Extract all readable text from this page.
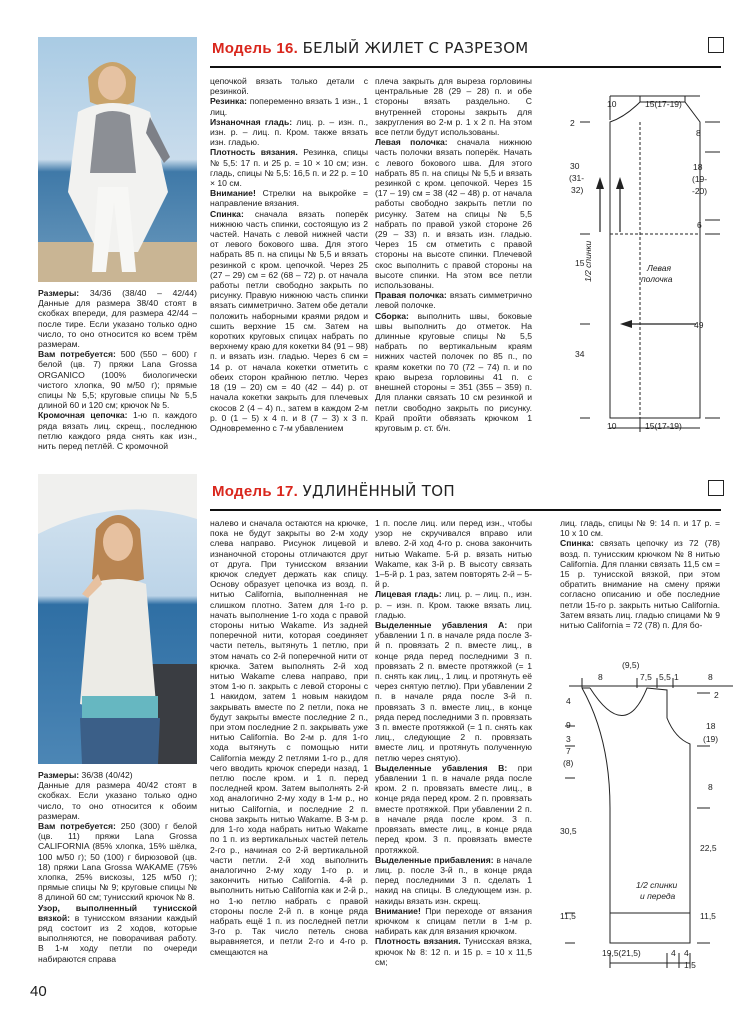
Модель 16. БЕЛЫЙ ЖИЛЕТ С РАЗРЕЗОМ

Размеры: 34/36 (38/40 – 42/44) Данные для размера 38/40 стоят в скобках впереди, для размера 42/44 – после тире. Если указано только одно число, то оно относится ко всем трём размерам.

Вам потребуется: 500 (550 – 600) г белой (цв. 7) пряжи Lana Grossa ORGANICO (100% биологически чистого хлопка, 90 м/50 г); прямые спицы № 5,5; круговые спицы № 5,5 длиной 60 и 120 см; крючок № 5.

Кромочная цепочка: 1-ю п. каждого ряда вязать лиц. скрещ., последнюю петлю каждого ряда снять как изн., нить перед петлёй. С кромочной

цепочкой вязать только детали с резинкой.

Резинка: попеременно вязать 1 изн., 1 лиц.

Изнаночная гладь: лиц. р. – изн. п., изн. р. – лиц. п. Кром. также вязать изн. гладью.

Плотность вязания. Резинка, спицы № 5,5: 17 п. и 25 р. = 10 × 10 см; изн. гладь, спицы № 5,5: 16,5 п. и 22 р. = 10 × 10 см.

Внимание! Стрелки на выкройке = направление вязания.

Спинка: сначала вязать поперёк нижнюю часть спинки, состоящую из 2 частей. Начать с левой нижней части от левого бокового шва. Для этого набрать 85 п. на спицы № 5,5 и вязать резинкой с кром. цепочкой. Через 25 (27 – 29) см = 62 (68 – 72) р. от начала работы петли свободно закрыть по рисунку. Правую нижнюю часть спинки вязать симметрично. Затем обе детали положить наборными краями рядом и сшить верхние 15 см. Затем на коротких круговых спицах набрать по верхнему краю для кокетки 84 (91 – 98) п. и вязать изн. гладью. Через 6 см = 14 р. от начала кокетки отметить с обеих сторон крайнюю петлю. Через 18 (19 – 20) см = 40 (42 – 44) р. от начала кокетки закрыть для плечевых скосов 2 (4 – 4) п., затем в каждом 2-м р. 0 (1 – 5) х 4 п. и 8 (7 – 3) х 3 п. Одновременно с 7-м убавлением

плеча закрыть для выреза горловины центральные 28 (29 – 28) п. и обе стороны вязать раздельно. С внутренней стороны закрыть для закругления во 2-м р. 1 х 2 п. На этом все петли будут использованы.

Левая полочка: сначала нижнюю часть полочки вязать поперёк. Начать с левого бокового шва. Для этого набрать 85 п. на спицы № 5,5 и вязать резинкой с кром. цепочкой. Через 15 (17 – 19) см = 38 (42 – 48) р. от начала работы свободно закрыть петли по рисунку. Затем на спицы № 5,5 набрать по правой узкой стороне 26 (29 – 33) п. и вязать изн. гладью. Через 15 см отметить с правой стороны на высоте спинки. Плечевой скос выполнить с правой стороны на высоте спинки. На этом все петли использованы.

Правая полочка: вязать симметрично левой полочке.

Сборка: выполнить швы, боковые швы выполнить до отметок. На длинные круговые спицы № 5,5 набрать по вертикальным краям нижних частей полочек по 85 п., по краям кокетки по 70 (72 – 74) п. и по краю выреза горловины 41 п. с внешней стороны = 351 (355 – 359) п. Для планки связать 10 см резинкой и петли свободно закрыть по рисунку. Край пройти обвязать крючком 1 круговым р. ст. б/н.

10	15(17-19)
10	15(17-19)
2
30
(31-
32)
15
34
8
18
(19-
-20)
6
49
Левая
полочка
1/2 спинки
Модель 17. УДЛИНЁННЫЙ ТОП

Размеры: 36/38 (40/42)

Данные для размера 40/42 стоят в скобках. Если указано только одно число, то оно относится к обоим размерам.

Вам потребуется: 250 (300) г белой (цв. 11) пряжи Lana Grossa CALIFORNIA (85% хлопка, 15% шёлка, 100 м/50 г); 50 (100) г бирюзовой (цв. 18) пряжи Lana Grossa WAKAME (75% хлопка, 25% вискозы, 125 м/50 г); прямые спицы № 9; круговые спицы № 8 длиной 60 см; тунисский крючок № 8.

Узор, выполненный тунисской вязкой: в тунисском вязании каждый ряд состоит из 2 ходов, которые выполняются, не поворачивая работу. В 1-м ходу петли по очереди набираются справа

налево и сначала остаются на крючке, пока не будут закрыты во 2-м ходу слева направо. Рисунок лицевой и изнаночной стороны отличаются друг от друга. При тунисском вязании крючок следует держать как спицу. Основу образует цепочка из возд. п. нитью California, выполненная не слишком плотно. Затем для 1-го р. начать выполнение 1-го хода с правой стороны нитью Wakame. Из задней поперечной нити, которая соединяет части петель, вытянуть 1 петлю, при этом начать со 2-й поперечной нити от крючка. Затем выполнять 2-й ход нитью Wakame слева направо, при этом 1-ю п. закрыть с левой стороны с 1 накидом, затем 1 новым накидом закрывать вместе по 2 петли, пока не будут закрыты вместе последние 2 п., при этом последние 2 п. закрывать уже нитью California. Во 2-м р. для 1-го хода вытянуть с помощью нити California между 2 петлями 1-го р., для чего вводить крючок спереди назад, 1 петлю после кром. и 1 п. перед последней кром. Затем выполнять 2-й ход аналогично 2-му ходу в 1-м р., но нитью California, и последние 2 п. снова закрыть нитью Wakame. В 3-м р. для 1-го хода набрать нитью Wakame по 1 п. из вертикальных частей петель 2-го р., начиная со 2-й вертикальной части петли. 2-й ход выполнить аналогично 2-му ходу 1-го р. и закончить нитью California. 4-й р. выполнить нитью California как и 2-й р., но 1-ю петлю набрать с правой стороны после 2-й п. в конце ряда набрать ещё 1 п. из последней петли 3-го р. Так число петель снова выравняется, и петли 2-го и 4-го р. смещаются на

1 п. после лиц. или перед изн., чтобы узор не скручивался вправо или влево. 2-й ход 4-го р. снова закончить нитью Wakame. 5-й р. вязать нитью Wakame, как 3-й р. В высоту связать 1–5-й р. 1 раз, затем повторять 2-й – 5-й р.

Лицевая гладь: лиц. р. – лиц. п., изн. р. – изн. п. Кром. также вязать лиц. гладью.

Выделенные убавления А: при убавлении 1 п. в начале ряда после 3-й п. провязать 2 п. вместе лиц., в конце ряда перед последними 3 п. провязать 2 п. вместе протяжкой (= 1 п. снять как лиц., 1 лиц. и протянуть её через снятую петлю). При убавлении 2 п. в начале ряда после 3-й п. провязать 3 п. вместе лиц., в конце ряда перед последними 3 п. провязать 3 п. вместе протяжкой (= 1 п. снять как лиц., следующие 2 п. провязать вместе лиц. и протянуть полученную петлю через снятую).

Выделенные убавления В: при убавлении 1 п. в начале ряда после кром. 2 п. провязать вместе лиц., в конце ряда перед кром. 2 п. провязать вместе протяжкой. При убавлении 2 п. в начале ряда после кром. 3 п. провязать вместе лиц., в конце ряда перед кром. 3 п. провязать вместе протяжкой.

Выделенные прибавления: в начале лиц. р. после 3-й п., в конце ряда перед последними 3 п. сделать 1 накид на спицы. В следующем изн. р. накиды вязать изн. скрещ.

Внимание! При переходе от вязания крючком к спицам петли в 1-м р. набирать как для вязания крючком.

Плотность вязания. Тунисская вязка, крючок № 8: 12 п. и 15 р. = 10 х 11,5 см;

лиц. гладь, спицы № 9: 14 п. и 17 р. = 10 х 10 см.

Спинка: связать цепочку из 72 (78) возд. п. тунисским крючком № 8 нитью California. Для планки связать 11,5 см = 15 р. тунисской вязкой, при этом обратить внимание на смену пряжи согласно описанию и обе последние петли 15-го р. закрыть нитью California. Затем вязать лиц. гладью спицами № 9 нитью California = 72 (78) п. Для бо-

(9,5)
8	7,5 5,5 1	8
4
9
3
7
(8)
30,5
11,5
2
18
(19)
8
22,5
11,5
19,5(21,5)	4 4
1,5
1/2 спинки
и переда
40
